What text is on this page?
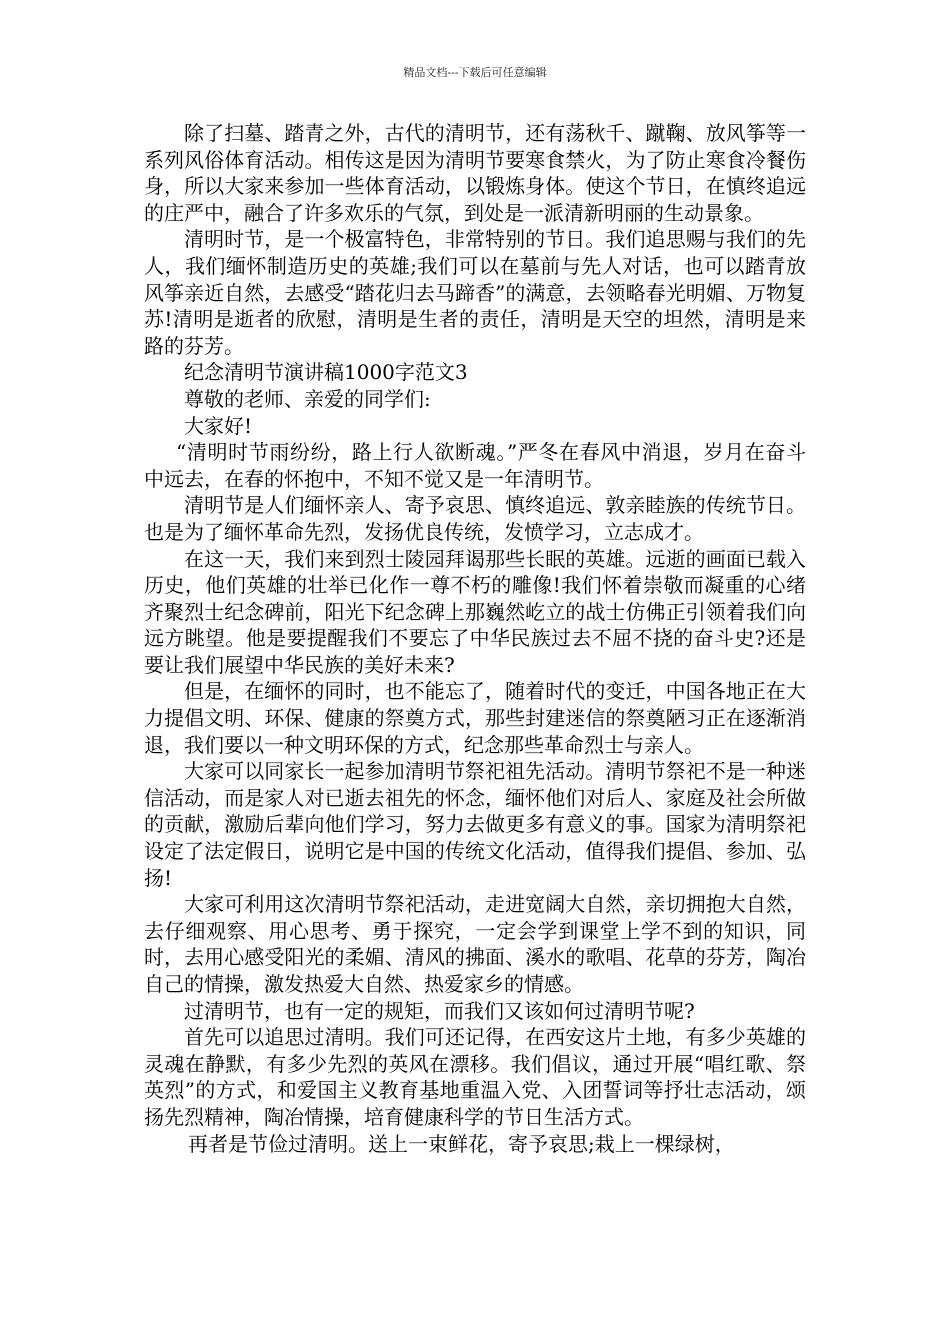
精品文档---下载后可任意编辑

除了扫墓、踏青之外，古代的清明节，还有荡秋千、蹴鞠、放风筝等一系列风俗体育活动。相传这是因为清明节要寒食禁火，为了防止寒食冷餐伤身，所以大家来参加一些体育活动，以锻炼身体。使这个节日，在慎终追远的庄严中，融合了许多欢乐的气氛，到处是一派清新明丽的生动景象。

清明时节，是一个极富特色，非常特别的节日。我们追思赐与我们的先人，我们缅怀制造历史的英雄;我们可以在墓前与先人对话，也可以踏青放风筝亲近自然，去感受“踏花归去马蹄香”的满意，去领略春光明媚、万物复苏!清明是逝者的欣慰，清明是生者的责任，清明是天空的坦然，清明是来路的芬芳。

纪念清明节演讲稿1000字范文3

尊敬的老师、亲爱的同学们:

大家好!

“清明时节雨纷纷，路上行人欲断魂。”严冬在春风中消退，岁月在奋斗中远去，在春的怀抱中，不知不觉又是一年清明节。

清明节是人们缅怀亲人、寄予哀思、慎终追远、敦亲睦族的传统节日。也是为了缅怀革命先烈，发扬优良传统，发愤学习，立志成才。

在这一天，我们来到烈士陵园拜谒那些长眠的英雄。远逝的画面已载入历史，他们英雄的壮举已化作一尊不朽的雕像!我们怀着崇敬而凝重的心绪齐聚烈士纪念碑前，阳光下纪念碑上那巍然屹立的战士仿佛正引领着我们向远方眺望。他是要提醒我们不要忘了中华民族过去不屈不挠的奋斗史?还是要让我们展望中华民族的美好未来?

但是，在缅怀的同时，也不能忘了，随着时代的变迁，中国各地正在大力提倡文明、环保、健康的祭奠方式，那些封建迷信的祭奠陋习正在逐渐消退，我们要以一种文明环保的方式，纪念那些革命烈士与亲人。

大家可以同家长一起参加清明节祭祀祖先活动。清明节祭祀不是一种迷信活动，而是家人对已逝去祖先的怀念，缅怀他们对后人、家庭及社会所做的贡献，激励后辈向他们学习，努力去做更多有意义的事。国家为清明祭祀设定了法定假日，说明它是中国的传统文化活动，值得我们提倡、参加、弘扬!

大家可利用这次清明节祭祀活动，走进宽阔大自然，亲切拥抱大自然，去仔细观察、用心思考、勇于探究，一定会学到课堂上学不到的知识，同时，去用心感受阳光的柔媚、清风的拂面、溪水的歌唱、花草的芬芳，陶冶自己的情操，激发热爱大自然、热爱家乡的情感。

过清明节，也有一定的规矩，而我们又该如何过清明节呢?

首先可以追思过清明。我们可还记得，在西安这片土地，有多少英雄的灵魂在静默，有多少先烈的英风在漂移。我们倡议，通过开展“唱红歌、祭英烈”的方式，和爱国主义教育基地重温入党、入团誓词等抒壮志活动，颂扬先烈精神，陶冶情操，培育健康科学的节日生活方式。

再者是节俭过清明。送上一束鲜花，寄予哀思;栽上一棵绿树，
